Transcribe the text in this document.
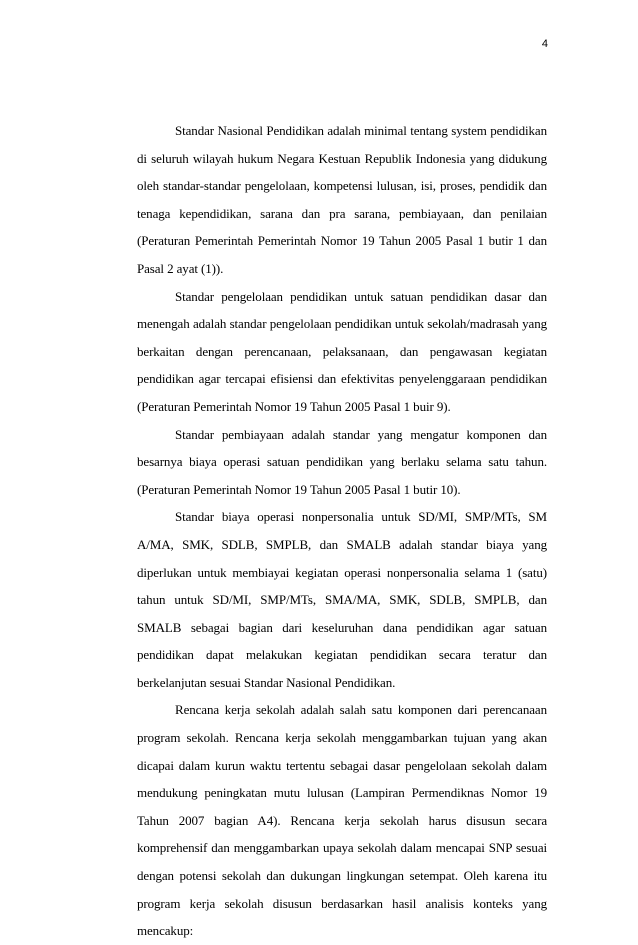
4

Standar Nasional Pendidikan adalah minimal tentang system pendidikan di seluruh wilayah hukum Negara Kestuan Republik Indonesia yang didukung oleh standar-standar pengelolaan, kompetensi lulusan, isi, proses, pendidik dan tenaga kependidikan, sarana dan pra sarana, pembiayaan, dan penilaian (Peraturan Pemerintah Pemerintah Nomor 19 Tahun 2005 Pasal 1 butir 1 dan Pasal 2 ayat (1)).

Standar pengelolaan pendidikan untuk satuan pendidikan dasar dan menengah adalah standar pengelolaan pendidikan untuk sekolah/madrasah yang berkaitan dengan perencanaan, pelaksanaan, dan pengawasan kegiatan pendidikan agar tercapai efisiensi dan efektivitas penyelenggaraan pendidikan (Peraturan Pemerintah Nomor 19 Tahun 2005 Pasal 1 buir 9).

Standar pembiayaan adalah standar yang mengatur komponen dan besarnya biaya operasi satuan pendidikan yang berlaku selama satu tahun. (Peraturan Pemerintah Nomor 19 Tahun 2005 Pasal 1 butir 10).

Standar biaya operasi nonpersonalia untuk SD/MI, SMP/MTs, SM A/MA, SMK, SDLB, SMPLB, dan SMALB adalah standar biaya yang diperlukan untuk membiayai kegiatan operasi nonpersonalia selama 1 (satu) tahun untuk SD/MI, SMP/MTs, SMA/MA, SMK, SDLB, SMPLB, dan SMALB sebagai bagian dari keseluruhan dana pendidikan agar satuan pendidikan dapat melakukan kegiatan pendidikan secara teratur dan berkelanjutan sesuai Standar Nasional Pendidikan.

Rencana kerja sekolah adalah salah satu komponen dari perencanaan program sekolah. Rencana kerja sekolah menggambarkan tujuan yang akan dicapai dalam kurun waktu tertentu sebagai dasar pengelolaan sekolah dalam mendukung peningkatan mutu lulusan (Lampiran Permendiknas Nomor 19 Tahun 2007 bagian A4). Rencana kerja sekolah harus disusun secara komprehensif dan menggambarkan upaya sekolah dalam mencapai SNP sesuai dengan potensi sekolah dan dukungan lingkungan setempat. Oleh karena itu program kerja sekolah disusun berdasarkan hasil analisis konteks yang mencakup:
